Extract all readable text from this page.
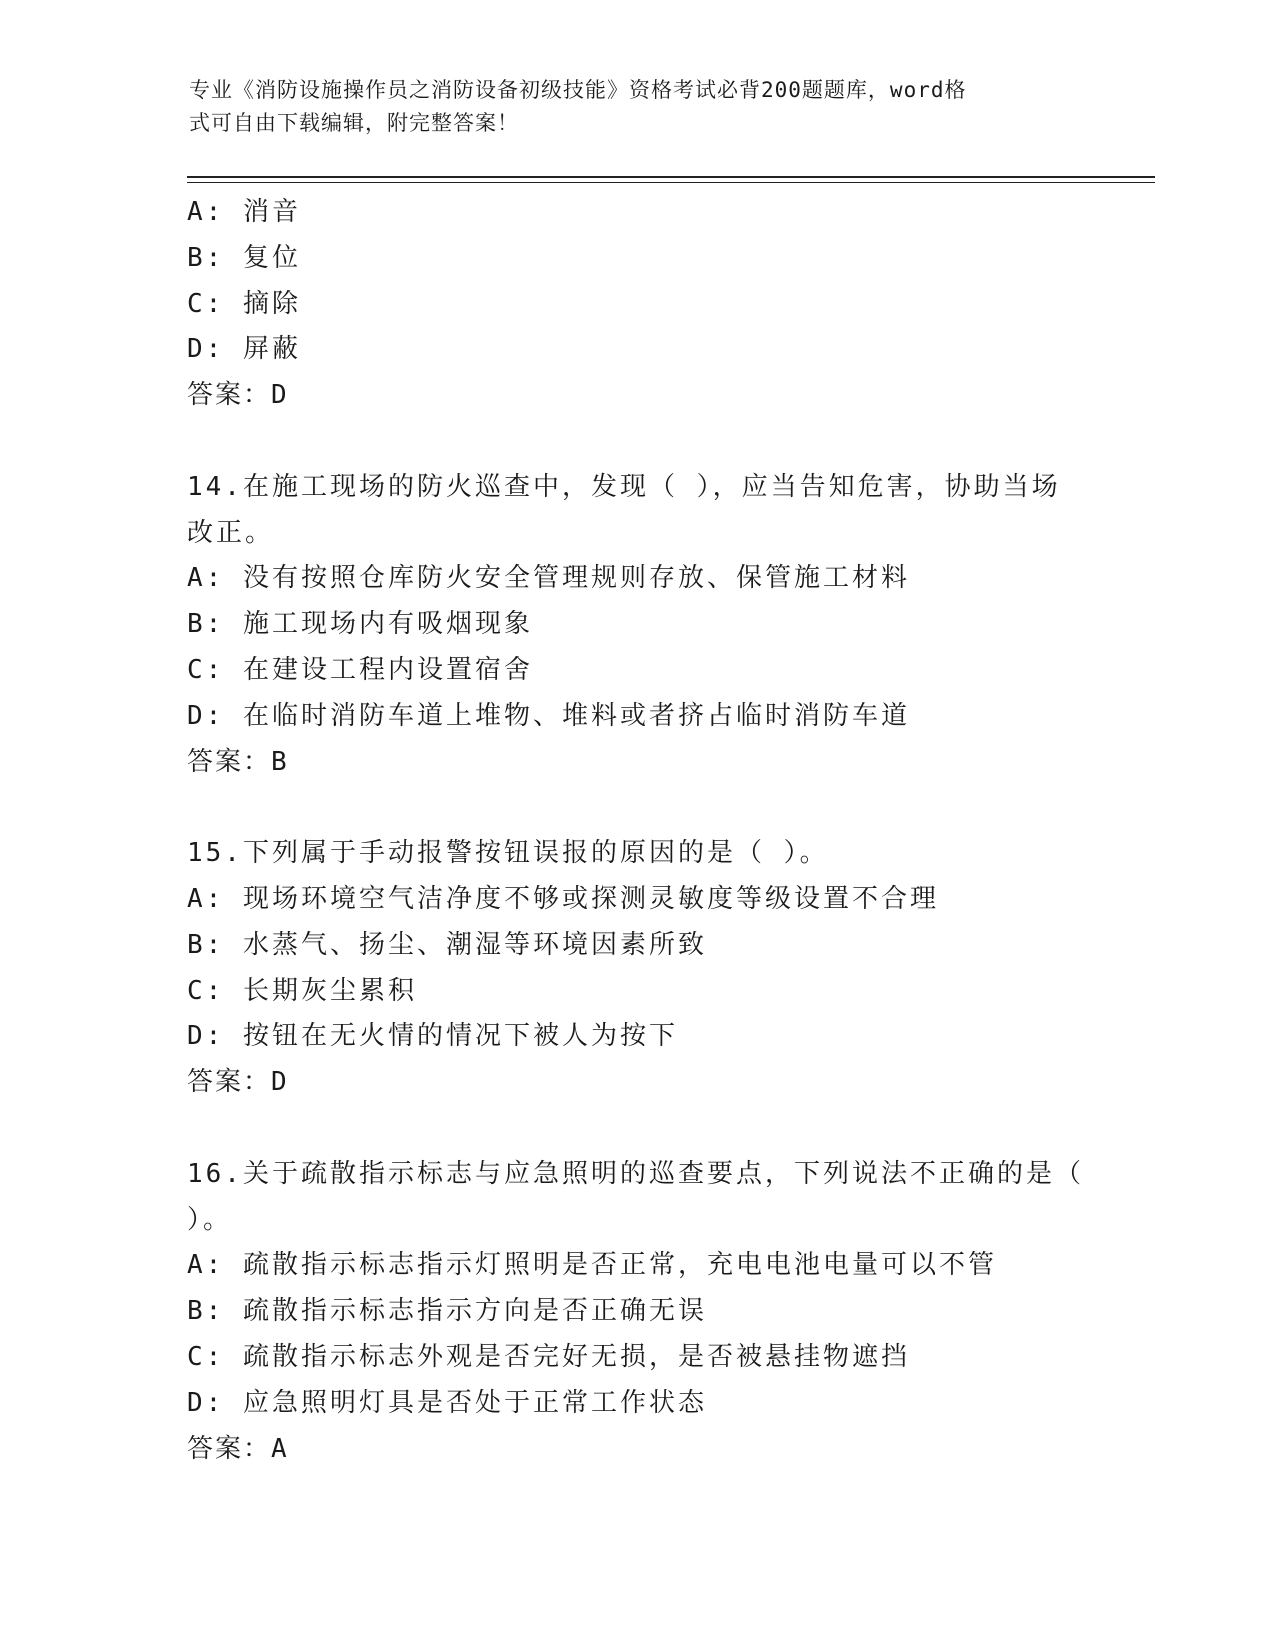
专业《消防设施操作员之消防设备初级技能》资格考试必背200题题库，word格

式可自由下载编辑，附完整答案！

A: 消音
B: 复位
C: 摘除
D: 屏蔽
答案：D
14.在施工现场的防火巡查中，发现（ ），应当告知危害，协助当场
改正。
A: 没有按照仓库防火安全管理规则存放、保管施工材料
B: 施工现场内有吸烟现象
C: 在建设工程内设置宿舍
D: 在临时消防车道上堆物、堆料或者挤占临时消防车道
答案：B
15.下列属于手动报警按钮误报的原因的是（ ）。
A: 现场环境空气洁净度不够或探测灵敏度等级设置不合理
B: 水蒸气、扬尘、潮湿等环境因素所致
C: 长期灰尘累积
D: 按钮在无火情的情况下被人为按下
答案：D
16.关于疏散指示标志与应急照明的巡查要点，下列说法不正确的是（
）。
A: 疏散指示标志指示灯照明是否正常，充电电池电量可以不管
B: 疏散指示标志指示方向是否正确无误
C: 疏散指示标志外观是否完好无损，是否被悬挂物遮挡
D: 应急照明灯具是否处于正常工作状态
答案：A
